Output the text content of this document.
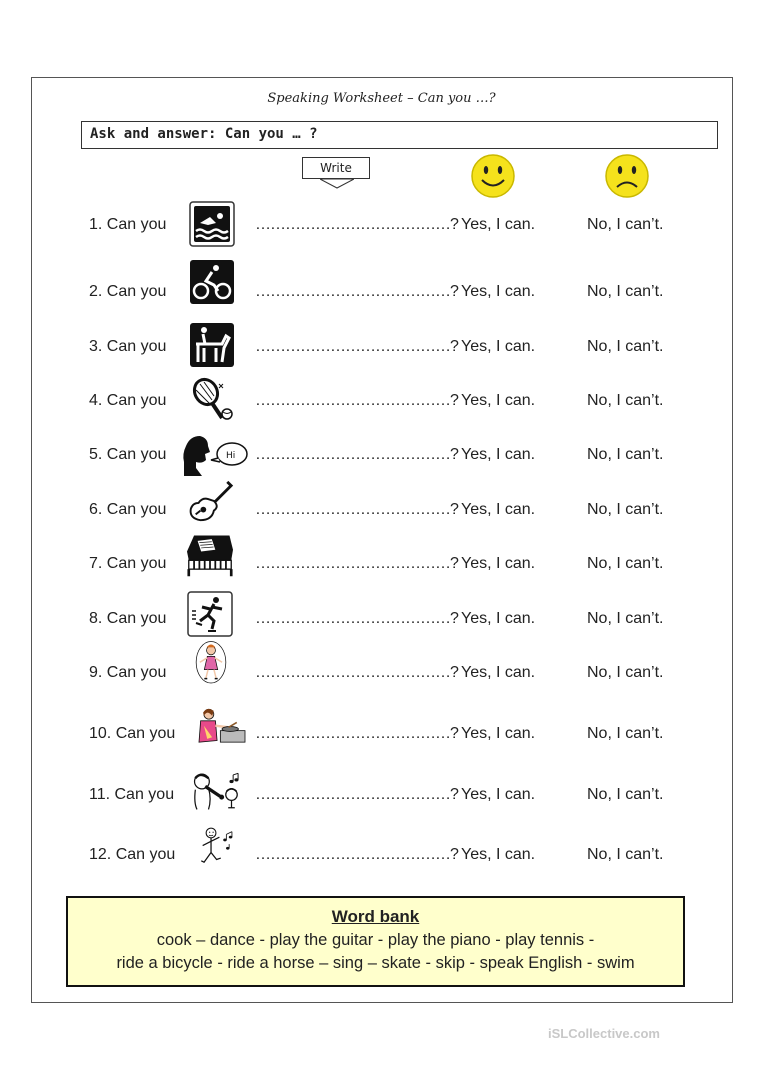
Speaking Worksheet – Can you …?
Ask and answer: Can you … ?
Write
1. Can you	…………………………………? Yes, I can.	No, I can’t.
2. Can you	…………………………………? Yes, I can.	No, I can’t.
3. Can you	…………………………………? Yes, I can.	No, I can’t.
4. Can you	…………………………………? Yes, I can.	No, I can’t.
5. Can you	Hi …………………………………? Yes, I can.	No, I can’t.
6. Can you	…………………………………? Yes, I can.	No, I can’t.
7. Can you	…………………………………? Yes, I can.	No, I can’t.
8. Can you	…………………………………? Yes, I can.	No, I can’t.
9. Can you	…………………………………? Yes, I can.	No, I can’t.
10. Can you	…………………………………? Yes, I can.	No, I can’t.
11. Can you	…………………………………? Yes, I can.	No, I can’t.
12. Can you	…………………………………? Yes, I can.	No, I can’t.
Word bank
cook – dance - play the guitar - play the piano - play tennis -
ride a bicycle - ride a horse – sing – skate - skip - speak English - swim
iSLCollective.com
